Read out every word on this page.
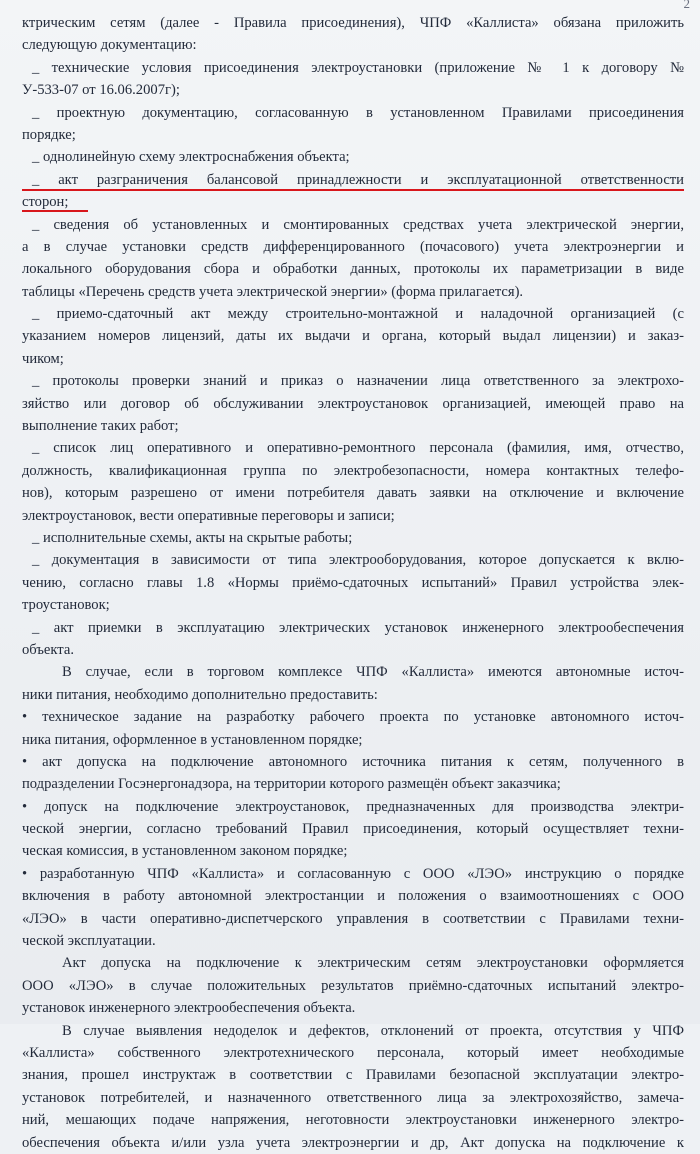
2
ктрическим сетям (далее - Правила присоединения), ЧПФ «Каллиста» обязана приложить
следующую документацию:
_ технические условия присоединения электроустановки (приложение № 1 к договору №
У-533-07 от 16.06.2007г);
_ проектную документацию, согласованную в установленном Правилами присоединения
порядке;
_ однолинейную схему электроснабжения объекта;
_ акт разграничения балансовой принадлежности и эксплуатационной ответственности
сторон;
_ сведения об установленных и смонтированных средствах учета электрической энергии,
а в случае установки средств дифференцированного (почасового) учета электроэнергии и
локального оборудования сбора и обработки данных, протоколы их параметризации в виде
таблицы «Перечень средств учета электрической энергии» (форма прилагается).
_ приемо-сдаточный акт между строительно-монтажной и наладочной организацией (с
указанием номеров лицензий, даты их выдачи и органа, который выдал лицензии) и заказ-
чиком;
_ протоколы проверки знаний и приказ о назначении лица ответственного за электрохо-
зяйство или договор об обслуживании электроустановок организацией, имеющей право на
выполнение таких работ;
_ список лиц оперативного и оперативно-ремонтного персонала (фамилия, имя, отчество,
должность, квалификационная группа по электробезопасности, номера контактных телефо-
нов), которым разрешено от имени потребителя давать заявки на отключение и включение
электроустановок, вести оперативные переговоры и записи;
_ исполнительные схемы, акты на скрытые работы;
_ документация в зависимости от типа электрооборудования, которое допускается к вклю-
чению, согласно главы 1.8 «Нормы приёмо-сдаточных испытаний» Правил устройства элек-
троустановок;
_ акт приемки в эксплуатацию электрических установок инженерного электрообеспечения
объекта.
В случае, если в торговом комплексе ЧПФ «Каллиста» имеются автономные источ-
ники питания, необходимо дополнительно предоставить:
• техническое задание на разработку рабочего проекта по установке автономного источ-
ника питания, оформленное в установленном порядке;
• акт допуска на подключение автономного источника питания к сетям, полученного в
подразделении Госэнергонадзора, на территории которого размещён объект заказчика;
• допуск на подключение электроустановок, предназначенных для производства электри-
ческой энергии, согласно требований Правил присоединения, который осуществляет техни-
ческая комиссия, в установленном законом порядке;
• разработанную ЧПФ «Каллиста» и согласованную с ООО «ЛЭО» инструкцию о порядке
включения в работу автономной электростанции и положения о взаимоотношениях с ООО
«ЛЭО» в части оперативно-диспетчерского управления в соответствии с Правилами техни-
ческой эксплуатации.
Акт допуска на подключение к электрическим сетям электроустановки оформляется
ООО «ЛЭО» в случае положительных результатов приёмно-сдаточных испытаний электро-
установок инженерного электрообеспечения объекта.
В случае выявления недоделок и дефектов, отклонений от проекта, отсутствия у ЧПФ
«Каллиста» собственного электротехнического персонала, который имеет необходимые
знания, прошел инструктаж в соответствии с Правилами безопасной эксплуатации электро-
установок потребителей, и назначенного ответственного лица за электрохозяйство, замеча-
ний, мешающих подаче напряжения, неготовности электроустановки инженерного электро-
обеспечения объекта и/или узла учета электроэнергии и др, Акт допуска на подключение к
